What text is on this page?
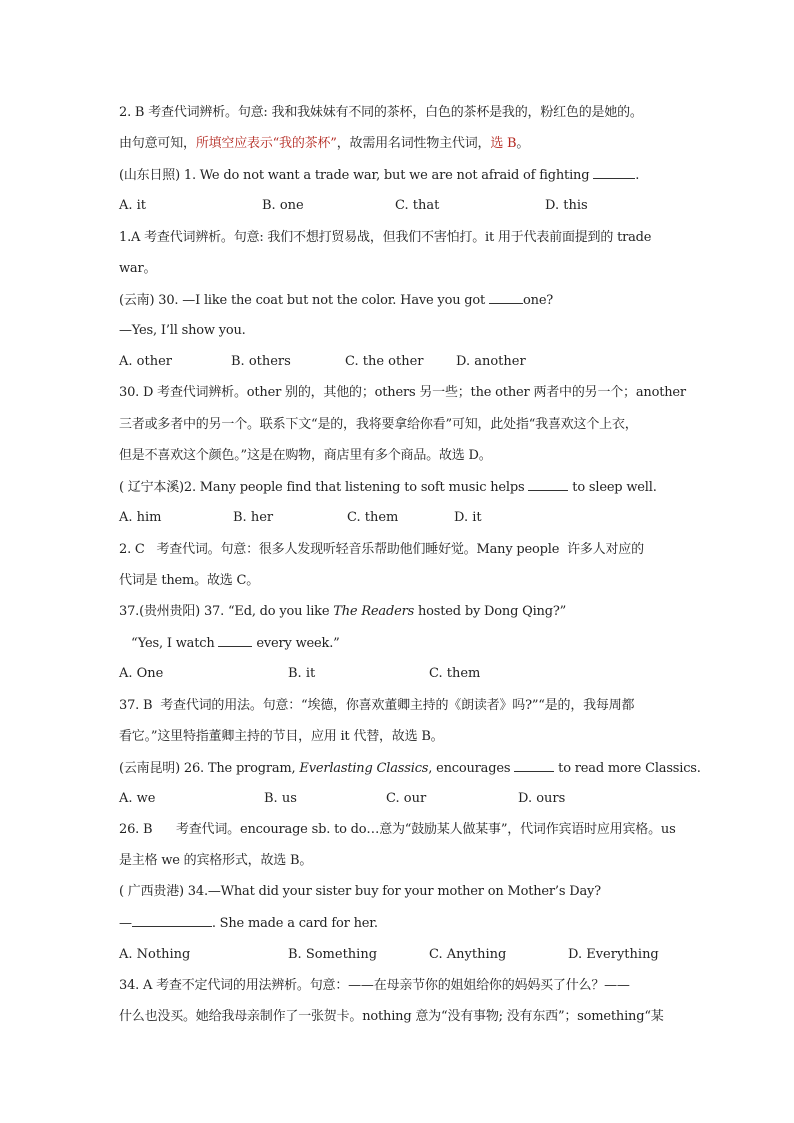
2. B 考查代词辨析。句意: 我和我妹妹有不同的茶杯，白色的茶杯是我的，粉红色的是她的。
由句意可知，所填空应表示“我的茶杯”，故需用名词性物主代词，选 B。
(山东日照) 1. We do not want a trade war, but we are not afraid of fighting	.
A. it	B. one	C. that	D. this
1.A 考查代词辨析。句意: 我们不想打贸易战，但我们不害怕打。it 用于代表前面提到的 trade
war。
(云南) 30. —I like the coat but not the color. Have you got	one?
—Yes, I’ll show you.
A. other	B. others	C. the other D. another
30. D 考查代词辨析。other 别的，其他的；others 另一些；the other 两者中的另一个；another
三者或多者中的另一个。联系下文“是的，我将要拿给你看”可知，此处指“我喜欢这个上衣，
但是不喜欢这个颜色。”这是在购物，商店里有多个商品。故选 D。
( 辽宁本溪)2. Many people find that listening to soft music helps	to sleep well.
A. him	B. her	C. them	D. it
2. C   考查代词。句意：很多人发现听轻音乐帮助他们睡好觉。Many people  许多人对应的
代词是 them。故选 C。
37.(贵州贵阳) 37. “Ed, do you like The Readers hosted by Dong Qing?”
“Yes, I watch	every week.”
A. One	B. it	C. them
37. B  考查代词的用法。句意：“埃德，你喜欢董卿主持的《朗读者》吗?”“是的，我每周都
看它。”这里特指董卿主持的节目，应用 it 代替，故选 B。
(云南昆明) 26. The program, Everlasting Classics, encourages	to read more Classics.
A. we	B. us	C. our	D. ours
26. B      考查代词。encourage sb. to do…意为“鼓励某人做某事”，代词作宾语时应用宾格。us
是主格 we 的宾格形式，故选 B。
( 广西贵港) 34.—What did your sister buy for your mother on Mother’s Day?
—	. She made a card for her.
A. Nothing	B. Something	C. Anything	D. Everything
34. A 考查不定代词的用法辨析。句意：——在母亲节你的姐姐给你的妈妈买了什么？——
什么也没买。她给我母亲制作了一张贺卡。nothing 意为“没有事物; 没有东西”；something“某
